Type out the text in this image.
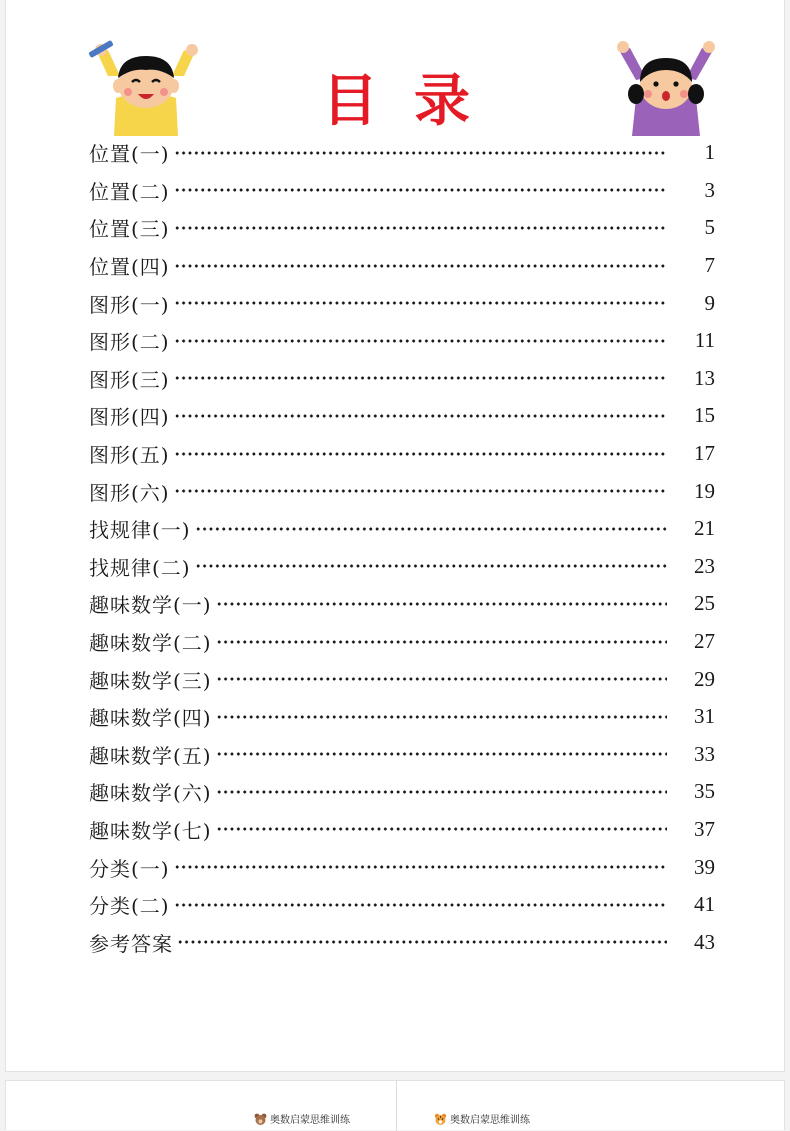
目录
位置(一)	1
位置(二)	3
位置(三)	5
位置(四)	7
图形(一)	9
图形(二)	11
图形(三)	13
图形(四)	15
图形(五)	17
图形(六)	19
找规律(一)	21
找规律(二)	23
趣味数学(一)	25
趣味数学(二)	27
趣味数学(三)	29
趣味数学(四)	31
趣味数学(五)	33
趣味数学(六)	35
趣味数学(七)	37
分类(一)	39
分类(二)	41
参考答案	43
奥数启蒙思维训练	奥数启蒙思维训练
